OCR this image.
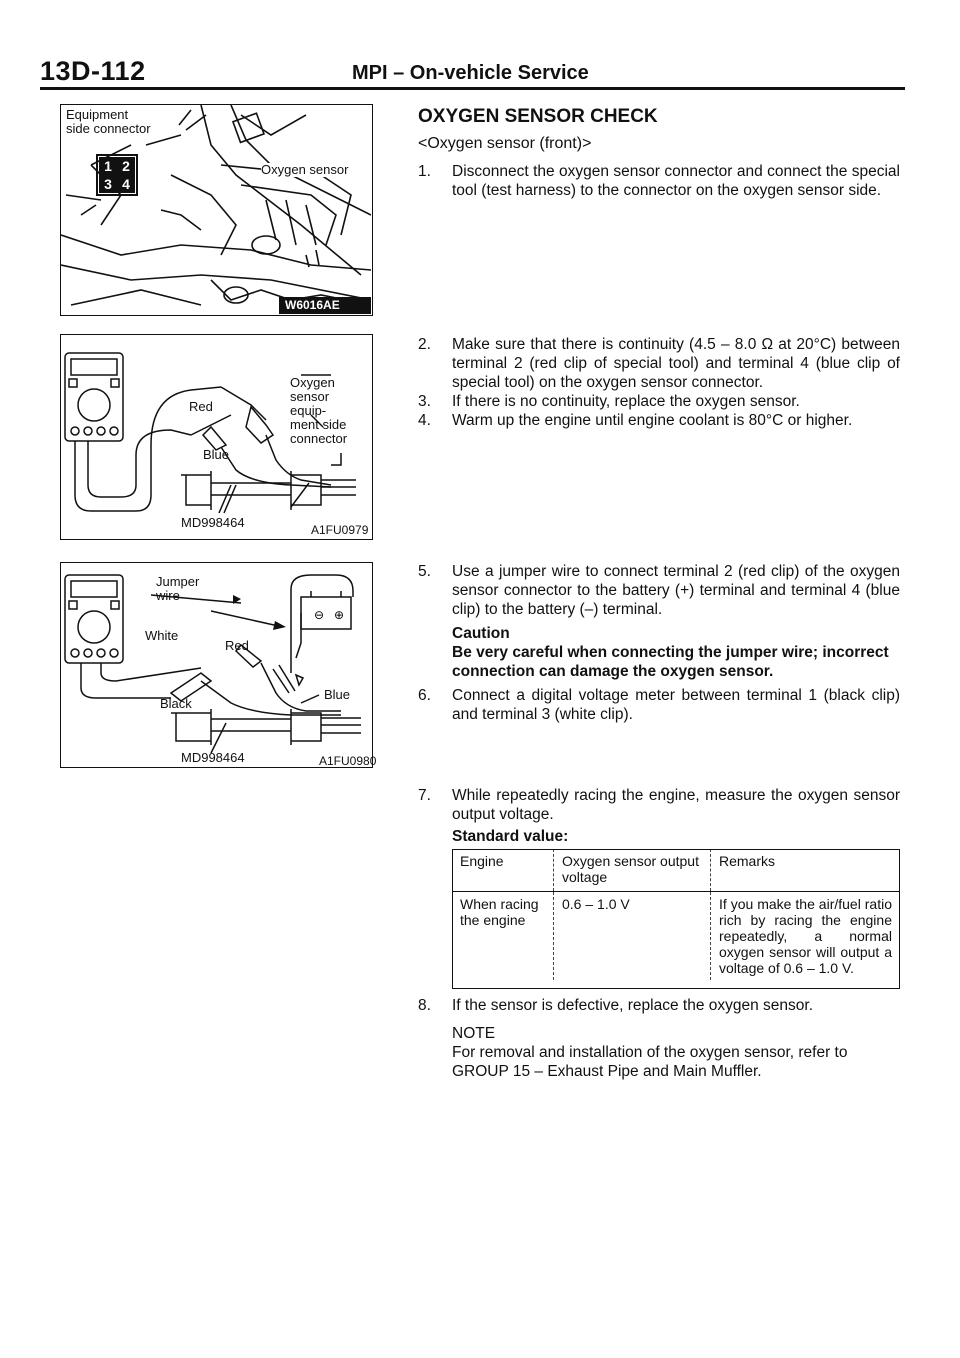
13D-112	MPI – On-vehicle Service
1 2
3 4
Equipment
side connector
Oxygen sensor
W6016AE
Red
Blue
Oxygen
sensor
equip-
ment side
connector
MD998464	A1FU0979
⊖ ⊕
Jumper
wire
White
Red
Black
Blue
MD998464	A1FU0980
OXYGEN SENSOR CHECK
<Oxygen sensor (front)>
1. Disconnect the oxygen sensor connector and connect the special tool (test harness) to the connector on the oxygen sensor side.
2. Make sure that there is continuity (4.5 – 8.0 Ω at 20°C) between terminal 2 (red clip of special tool) and terminal 4 (blue clip of special tool) on the oxygen sensor connector.
3. If there is no continuity, replace the oxygen sensor.
4. Warm up the engine until engine coolant is 80°C or higher.
5. Use a jumper wire to connect terminal 2 (red clip) of the oxygen sensor connector to the battery (+) terminal and terminal 4 (blue clip) to the battery (–) terminal.
Caution
Be very careful when connecting the jumper wire; incorrect connection can damage the oxygen sensor.
6. Connect a digital voltage meter between terminal 1 (black clip) and terminal 3 (white clip).
7. While repeatedly racing the engine, measure the oxygen sensor output voltage.
Standard value:
Engine	Oxygen sensor output voltage	Remarks
When racing the engine	0.6 – 1.0 V	If you make the air/fuel ratio rich by racing the engine repeatedly, a normal oxygen sensor will output a voltage of 0.6 – 1.0 V.
8. If the sensor is defective, replace the oxygen sensor.
NOTE
For removal and installation of the oxygen sensor, refer to GROUP 15 – Exhaust Pipe and Main Muffler.
